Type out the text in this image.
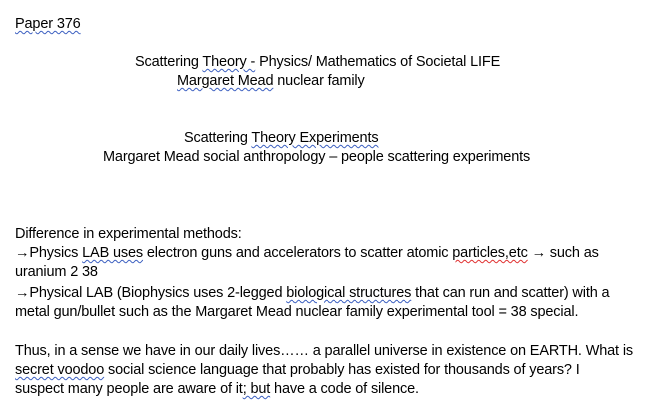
Paper 376
Scattering Theory - Physics/ Mathematics of Societal LIFE
Margaret Mead nuclear family
Scattering Theory Experiments
Margaret Mead social anthropology – people scattering experiments
Difference in experimental methods:
→Physics LAB uses electron guns and accelerators to scatter atomic particles,etc → such as
uranium 2 38
→Physical LAB (Biophysics uses 2-legged biological structures that can run and scatter) with a
metal gun/bullet such as the Margaret Mead nuclear family experimental tool = 38 special.
Thus, in a sense we have in our daily lives…… a parallel universe in existence on EARTH. What is
secret voodoo social science language that probably has existed for thousands of years? I
suspect many people are aware of it; but have a code of silence.
